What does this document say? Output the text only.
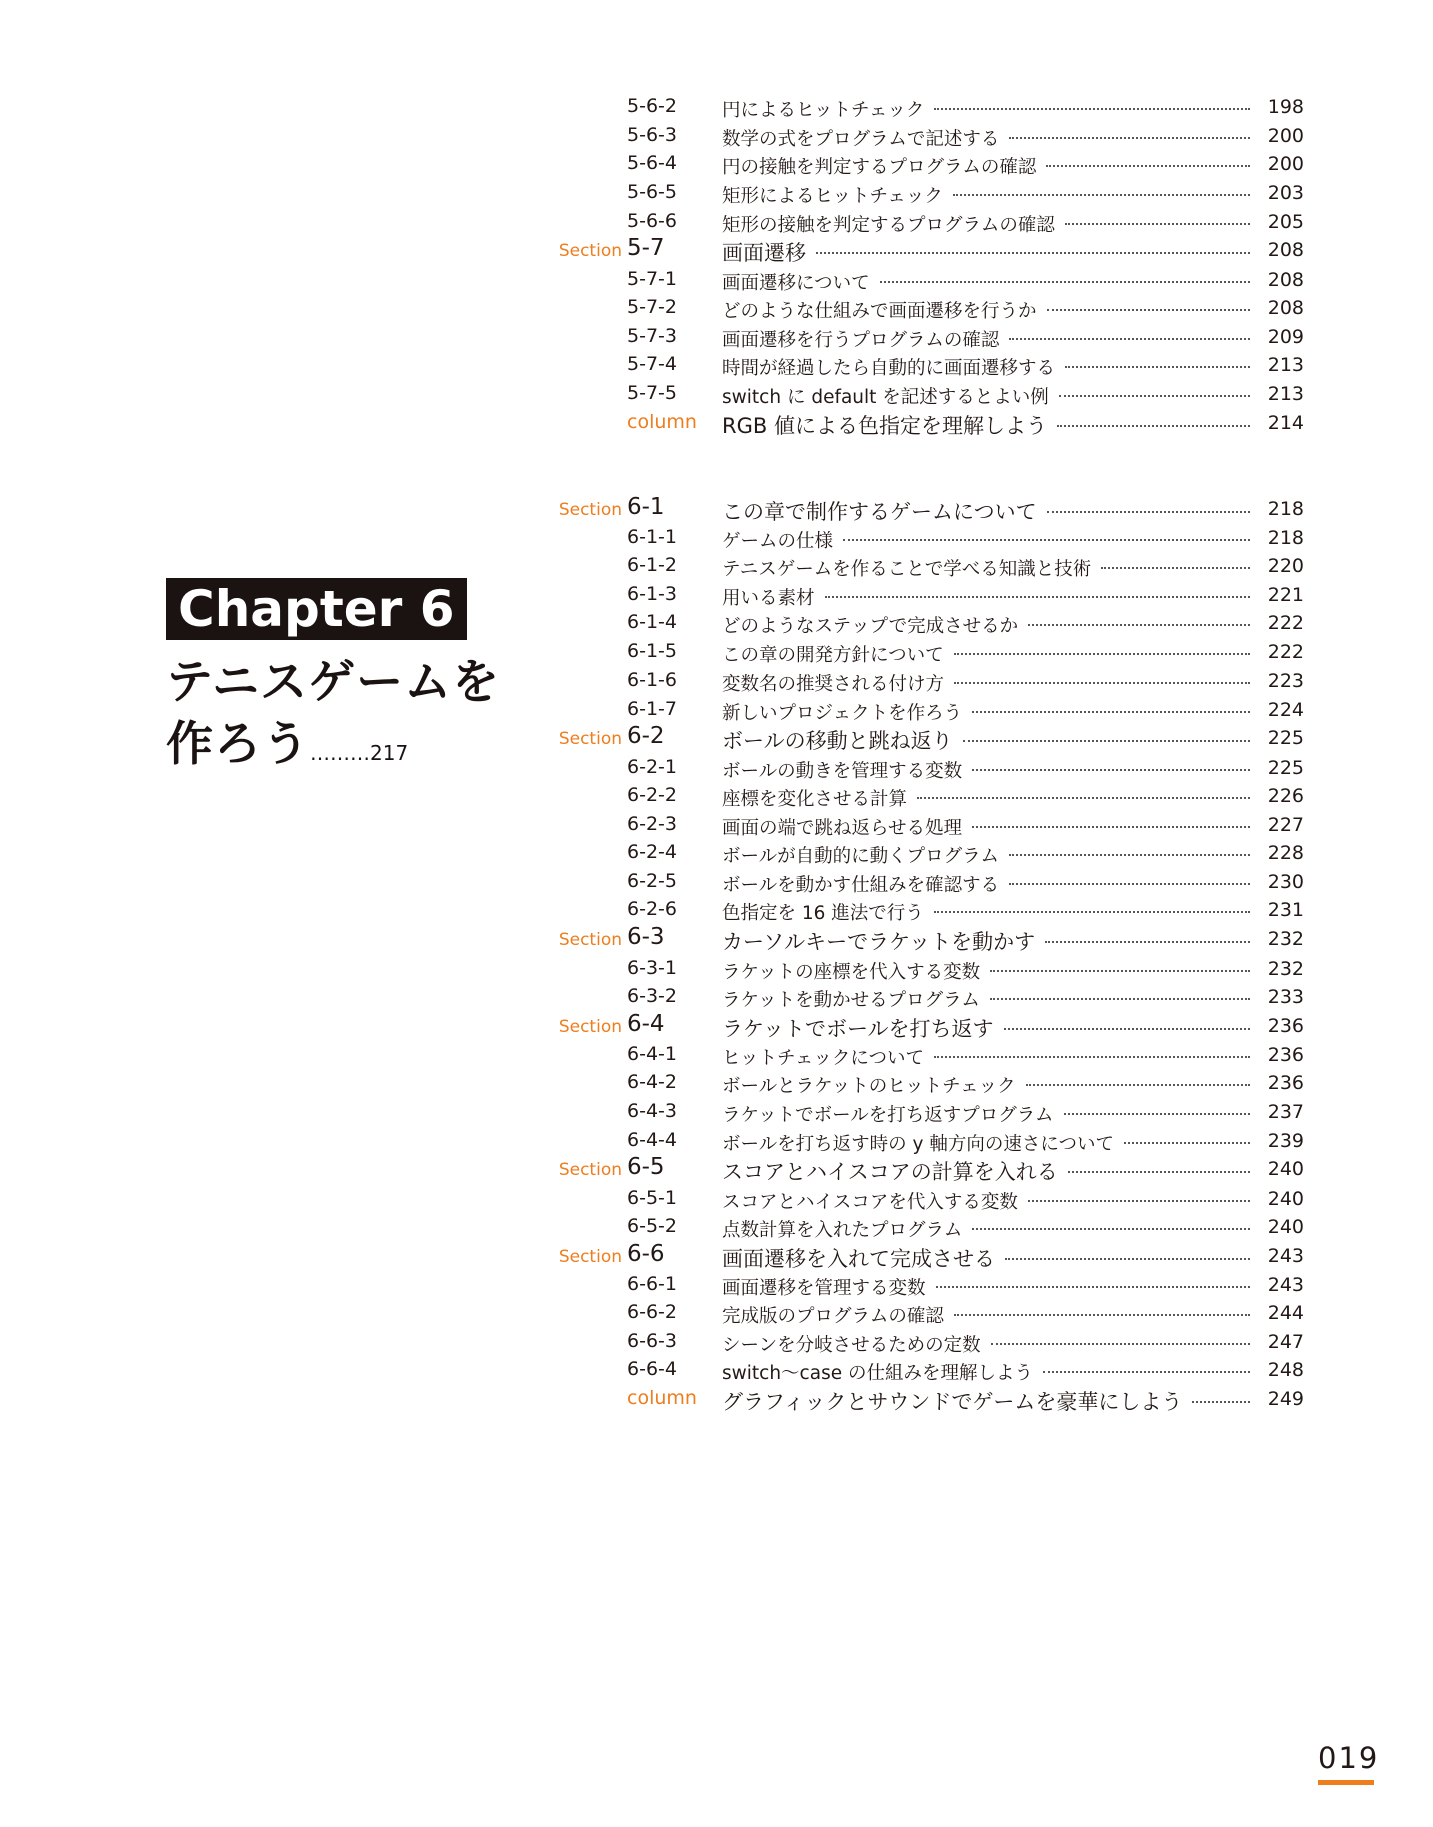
Chapter 6
テニスゲームを
作ろう………217
5-6-2 円によるヒットチェック	198
5-6-3 数学の式をプログラムで記述する	200
5-6-4 円の接触を判定するプログラムの確認	200
5-6-5 矩形によるヒットチェック	203
5-6-6 矩形の接触を判定するプログラムの確認	205
Section 5-7	画面遷移	208
5-7-1 画面遷移について	208
5-7-2 どのような仕組みで画面遷移を行うか	208
5-7-3 画面遷移を行うプログラムの確認	209
5-7-4 時間が経過したら自動的に画面遷移する	213
5-7-5 switch に default を記述するとよい例	213
column RGB 値による色指定を理解しよう	214
Section 6-1	この章で制作するゲームについて	218
6-1-1 ゲームの仕様	218
6-1-2 テニスゲームを作ることで学べる知識と技術	220
6-1-3 用いる素材	221
6-1-4 どのようなステップで完成させるか	222
6-1-5 この章の開発方針について	222
6-1-6 変数名の推奨される付け方	223
6-1-7 新しいプロジェクトを作ろう	224
Section 6-2	ボールの移動と跳ね返り	225
6-2-1 ボールの動きを管理する変数	225
6-2-2 座標を変化させる計算	226
6-2-3 画面の端で跳ね返らせる処理	227
6-2-4 ボールが自動的に動くプログラム	228
6-2-5 ボールを動かす仕組みを確認する	230
6-2-6 色指定を 16 進法で行う	231
Section 6-3	カーソルキーでラケットを動かす	232
6-3-1 ラケットの座標を代入する変数	232
6-3-2 ラケットを動かせるプログラム	233
Section 6-4	ラケットでボールを打ち返す	236
6-4-1 ヒットチェックについて	236
6-4-2 ボールとラケットのヒットチェック	236
6-4-3 ラケットでボールを打ち返すプログラム	237
6-4-4 ボールを打ち返す時の y 軸方向の速さについて	239
Section 6-5	スコアとハイスコアの計算を入れる	240
6-5-1 スコアとハイスコアを代入する変数	240
6-5-2 点数計算を入れたプログラム	240
Section 6-6	画面遷移を入れて完成させる	243
6-6-1 画面遷移を管理する変数	243
6-6-2 完成版のプログラムの確認	244
6-6-3 シーンを分岐させるための定数	247
6-6-4 switch～case の仕組みを理解しよう	248
column グラフィックとサウンドでゲームを豪華にしよう	249
019
